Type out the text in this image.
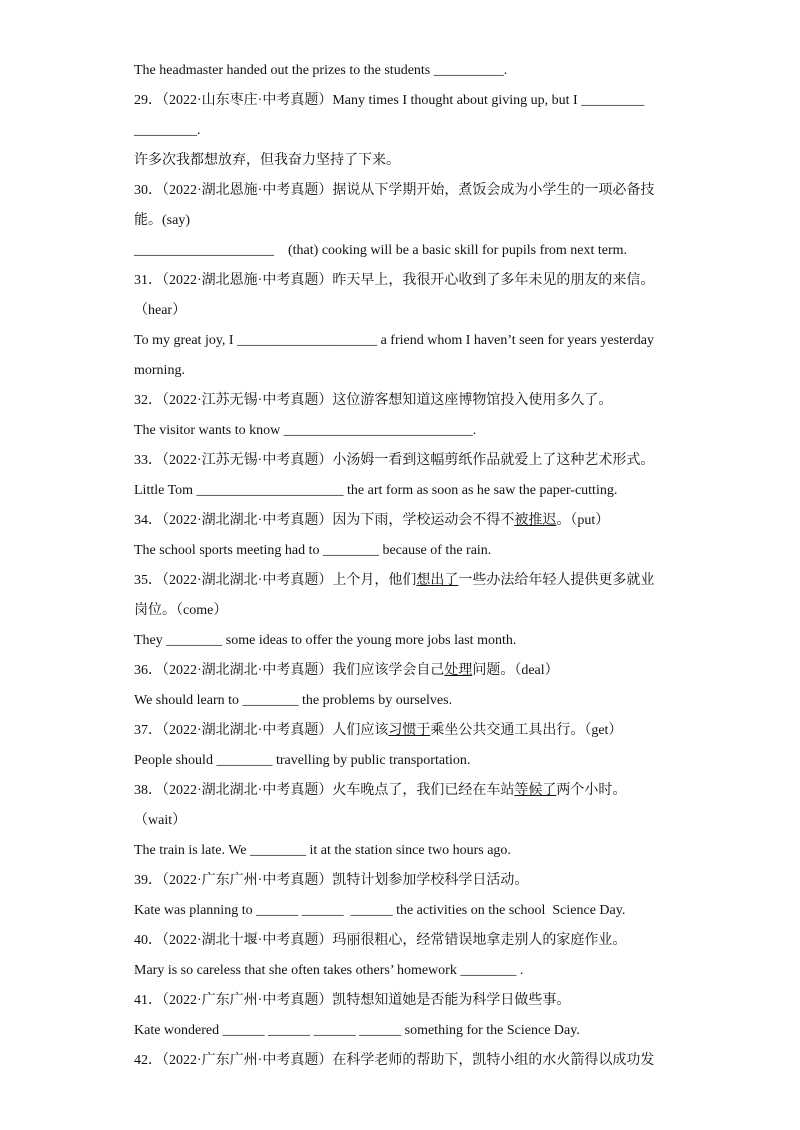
The headmaster handed out the prizes to the students __________.
29．（2022·山东枣庄·中考真题）Many times I thought about giving up, but I _________
_________.
许多次我都想放弃，但我奋力坚持了下来。
30．（2022·湖北恩施·中考真题）据说从下学期开始，煮饭会成为小学生的一项必备技
能。(say)
____________________    (that) cooking will be a basic skill for pupils from next term.
31．（2022·湖北恩施·中考真题）昨天早上，我很开心收到了多年未见的朋友的来信。
（hear）
To my great joy, I ____________________ a friend whom I haven’t seen for years yesterday
morning.
32．（2022·江苏无锡·中考真题）这位游客想知道这座博物馆投入使用多久了。
The visitor wants to know ___________________________.
33．（2022·江苏无锡·中考真题）小汤姆一看到这幅剪纸作品就爱上了这种艺术形式。
Little Tom _____________________ the art form as soon as he saw the paper-cutting.
34．（2022·湖北湖北·中考真题）因为下雨，学校运动会不得不被推迟。（put）
The school sports meeting had to ________ because of the rain.
35．（2022·湖北湖北·中考真题）上个月，他们想出了一些办法给年轻人提供更多就业
岗位。（come）
They ________ some ideas to offer the young more jobs last month.
36．（2022·湖北湖北·中考真题）我们应该学会自己处理问题。（deal）
We should learn to ________ the problems by ourselves.
37．（2022·湖北湖北·中考真题）人们应该习惯于乘坐公共交通工具出行。（get）
People should ________ travelling by public transportation.
38．（2022·湖北湖北·中考真题）火车晚点了，我们已经在车站等候了两个小时。
（wait）
The train is late. We ________ it at the station since two hours ago.
39．（2022·广东广州·中考真题）凯特计划参加学校科学日活动。
Kate was planning to ______ ______  ______ the activities on the school  Science Day.
40．（2022·湖北十堰·中考真题）玛丽很粗心，经常错误地拿走别人的家庭作业。
Mary is so careless that she often takes others’ homework ________ .
41．（2022·广东广州·中考真题）凯特想知道她是否能为科学日做些事。
Kate wondered ______ ______ ______ ______ something for the Science Day.
42．（2022·广东广州·中考真题）在科学老师的帮助下，凯特小组的水火箭得以成功发
